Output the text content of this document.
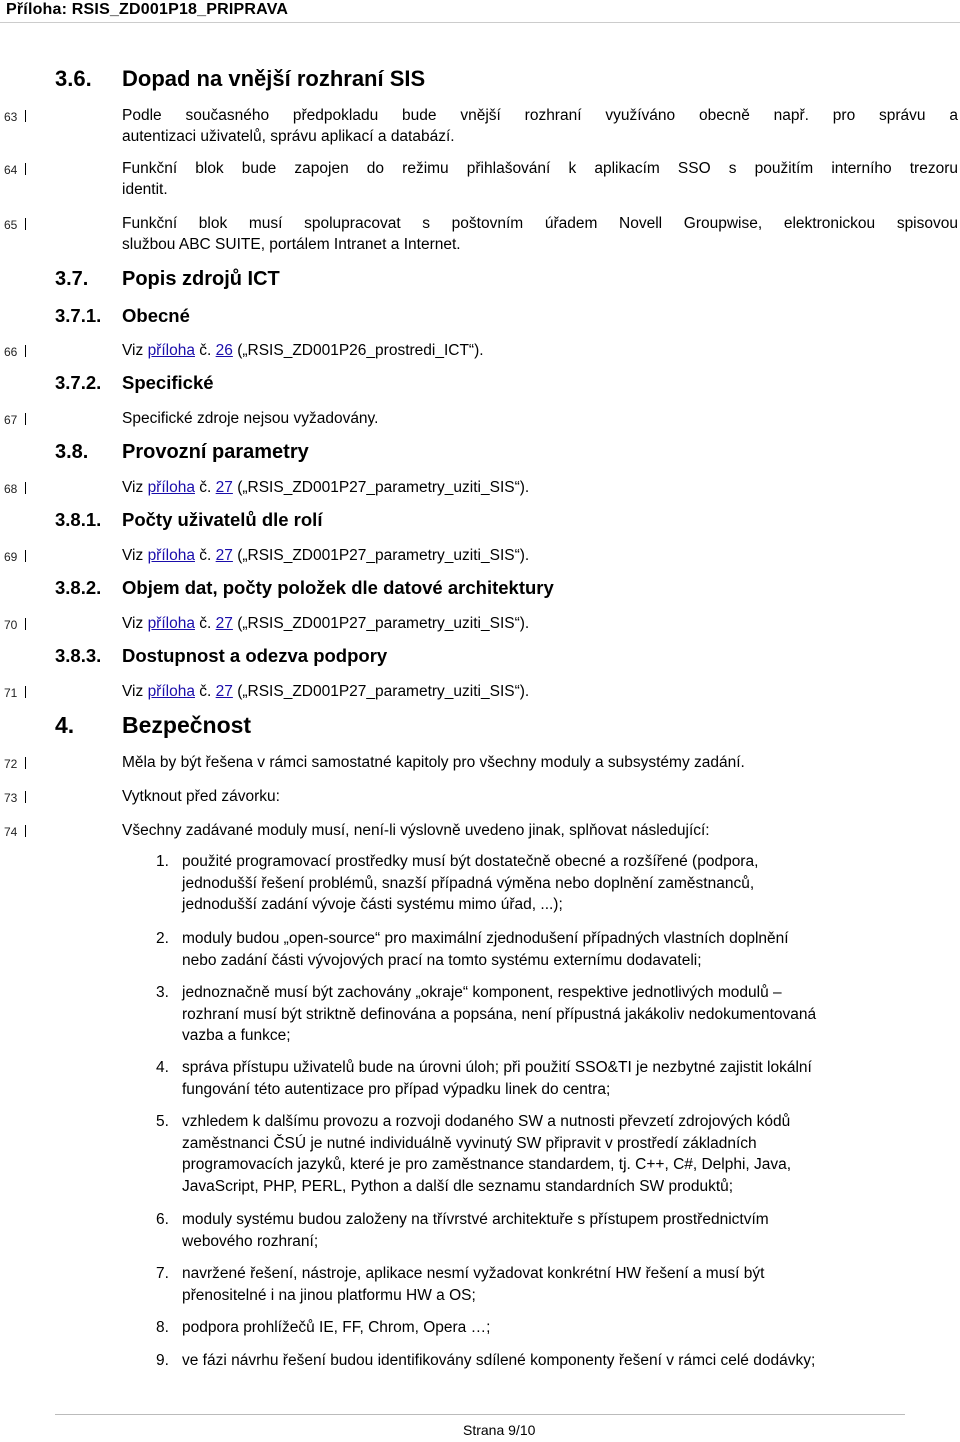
Příloha: RSIS_ZD001P18_PRIPRAVA
3.6. Dopad na vnější rozhraní SIS
63	Podle současného předpokladu bude vnější rozhraní využíváno obecně např. pro správu a
autentizaci uživatelů, správu aplikací a databází.
64	Funkční blok bude zapojen do režimu přihlašování k aplikacím SSO s použitím interního trezoru
identit.
65	Funkční blok musí spolupracovat s poštovním úřadem Novell Groupwise, elektronickou spisovou
službou ABC SUITE, portálem Intranet a Internet.
3.7. Popis zdrojů ICT
3.7.1. Obecné
66	Viz příloha č. 26 („RSIS_ZD001P26_prostredi_ICT“).
3.7.2. Specifické
67	Specifické zdroje nejsou vyžadovány.
3.8. Provozní parametry
68	Viz příloha č. 27 („RSIS_ZD001P27_parametry_uziti_SIS“).
3.8.1. Počty uživatelů dle rolí
69	Viz příloha č. 27 („RSIS_ZD001P27_parametry_uziti_SIS“).
3.8.2. Objem dat, počty položek dle datové architektury
70	Viz příloha č. 27 („RSIS_ZD001P27_parametry_uziti_SIS“).
3.8.3. Dostupnost a odezva podpory
71	Viz příloha č. 27 („RSIS_ZD001P27_parametry_uziti_SIS“).
4. Bezpečnost
72	Měla by být řešena v rámci samostatné kapitoly pro všechny moduly a subsystémy zadání.
73	Vytknout před závorku:
74	Všechny zadávané moduly musí, není-li výslovně uvedeno jinak, splňovat následující:
1. použité programovací prostředky musí být dostatečně obecné a rozšířené (podpora,
jednodušší řešení problémů, snazší případná výměna nebo doplnění zaměstnanců,
jednodušší zadání vývoje části systému mimo úřad, ...);
2. moduly budou „open-source“ pro maximální zjednodušení případných vlastních doplnění
nebo zadání části vývojových prací na tomto systému externímu dodavateli;
3. jednoznačně musí být zachovány „okraje“ komponent, respektive jednotlivých modulů –
rozhraní musí být striktně definována a popsána, není přípustná jakákoliv nedokumentovaná
vazba a funkce;
4. správa přístupu uživatelů bude na úrovni úloh; při použití SSO&TI je nezbytné zajistit lokální
fungování této autentizace pro případ výpadku linek do centra;
5. vzhledem k dalšímu provozu a rozvoji dodaného SW a nutnosti převzetí zdrojových kódů
zaměstnanci ČSÚ je nutné individuálně vyvinutý SW připravit v prostředí základních
programovacích jazyků, které je pro zaměstnance standardem, tj. C++, C#, Delphi, Java,
JavaScript, PHP, PERL, Python a další dle seznamu standardních SW produktů;
6. moduly systému budou založeny na třívrstvé architektuře s přístupem prostřednictvím
webového rozhraní;
7. navržené řešení, nástroje, aplikace nesmí vyžadovat konkrétní HW řešení a musí být
přenositelné i na jinou platformu HW a OS;
8. podpora prohlížečů IE, FF, Chrom, Opera …;
9. ve fázi návrhu řešení budou identifikovány sdílené komponenty řešení v rámci celé dodávky;
Strana 9/10
